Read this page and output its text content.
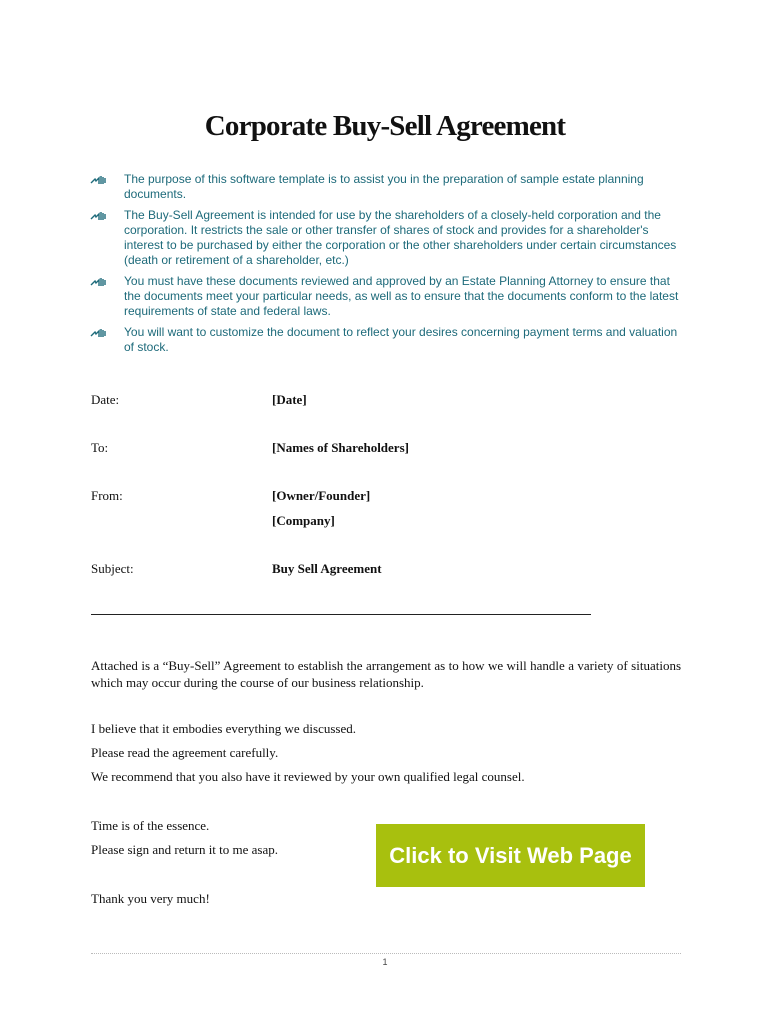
Corporate Buy-Sell Agreement
The purpose of this software template is to assist you in the preparation of sample estate planning documents.
The Buy-Sell Agreement is intended for use by the shareholders of a closely-held corporation and the corporation. It restricts the sale or other transfer of shares of stock and provides for a shareholder's interest to be purchased by either the corporation or the other shareholders under certain circumstances (death or retirement of a shareholder, etc.)
You must have these documents reviewed and approved by an Estate Planning Attorney to ensure that the documents meet your particular needs, as well as to ensure that the documents conform to the latest requirements of state and federal laws.
You will want to customize the document to reflect your desires concerning payment terms and valuation of stock.
Date:	[Date]
To:	[Names of Shareholders]
From:	[Owner/Founder]
[Company]
Subject:	Buy Sell Agreement
Attached is a “Buy-Sell” Agreement to establish the arrangement as to how we will handle a variety of situations which may occur during the course of our business relationship.
I believe that it embodies everything we discussed.
Please read the agreement carefully.
We recommend that you also have it reviewed by your own qualified legal counsel.
Time is of the essence.
Please sign and return it to me asap.
Thank you very much!
Click to Visit Web Page
1
